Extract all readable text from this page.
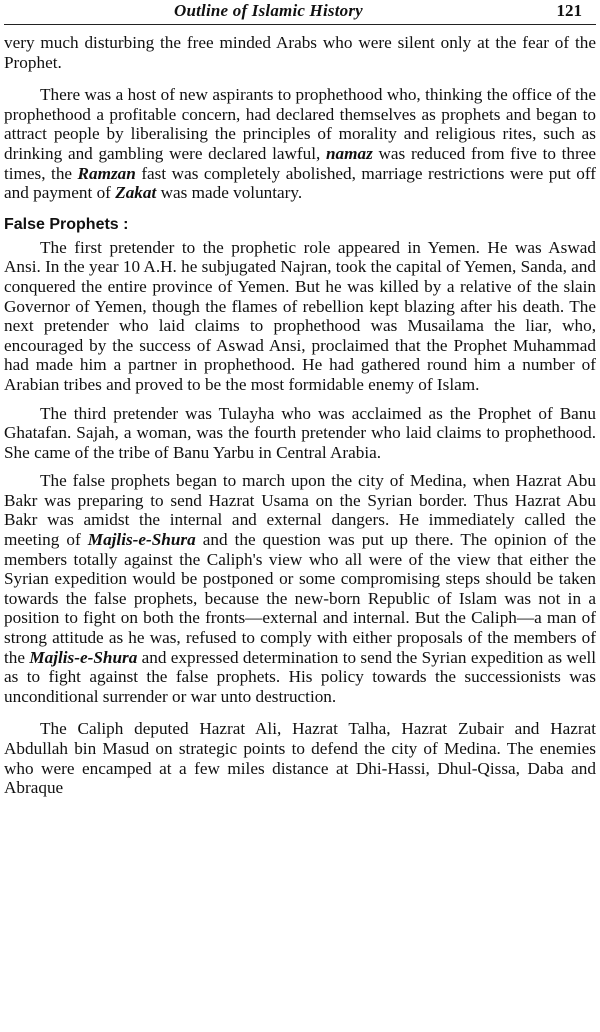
Outline of Islamic History	121

very much disturbing the free minded Arabs who were silent only at the fear of the Prophet.

There was a host of new aspirants to prophethood who, thinking the office of the prophethood a profitable concern, had declared themselves as prophets and began to attract people by liberalising the principles of morality and religious rites, such as drinking and gambling were declared lawful, namaz was reduced from five to three times, the Ramzan fast was completely abolished, marriage restrictions were put off and payment of Zakat was made voluntary.

False Prophets :

The first pretender to the prophetic role appeared in Yemen. He was Aswad Ansi. In the year 10 A.H. he subjugated Najran, took the capital of Yemen, Sanda, and conquered the entire province of Yemen. But he was killed by a relative of the slain Governor of Yemen, though the flames of rebellion kept blazing after his death. The next pretender who laid claims to prophethood was Musailama the liar, who, encouraged by the success of Aswad Ansi, proclaimed that the Prophet Muhammad had made him a partner in prophethood. He had gathered round him a number of Arabian tribes and proved to be the most formidable enemy of Islam.

The third pretender was Tulayha who was acclaimed as the Prophet of Banu Ghatafan. Sajah, a woman, was the fourth pretender who laid claims to prophethood. She came of the tribe of Banu Yarbu in Central Arabia.

The false prophets began to march upon the city of Medina, when Hazrat Abu Bakr was preparing to send Hazrat Usama on the Syrian border. Thus Hazrat Abu Bakr was amidst the internal and external dangers. He immediately called the meeting of Majlis-e-Shura and the question was put up there. The opinion of the members totally against the Caliph's view who all were of the view that either the Syrian expedition would be postponed or some compromising steps should be taken towards the false prophets, because the new-born Republic of Islam was not in a position to fight on both the fronts—external and internal. But the Caliph—a man of strong attitude as he was, refused to comply with either proposals of the members of the Majlis-e-Shura and expressed determination to send the Syrian expedition as well as to fight against the false prophets. His policy towards the successionists was unconditional surrender or war unto destruction.

The Caliph deputed Hazrat Ali, Hazrat Talha, Hazrat Zubair and Hazrat Abdullah bin Masud on strategic points to defend the city of Medina. The enemies who were encamped at a few miles distance at Dhi-Hassi, Dhul-Qissa, Daba and Abraque
